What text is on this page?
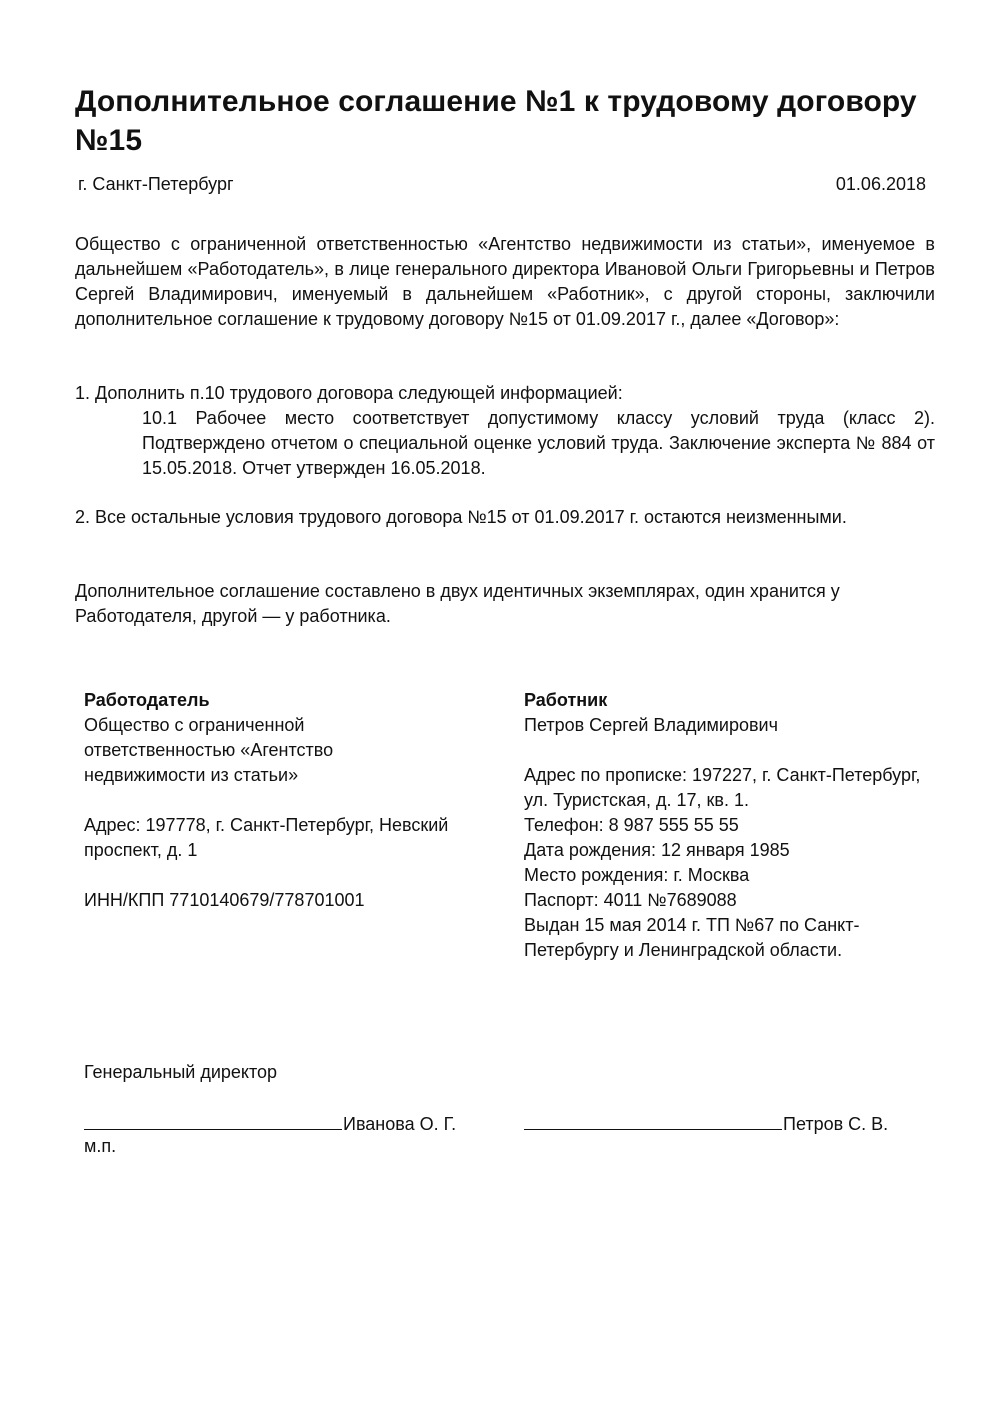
Дополнительное соглашение №1 к трудовому договору №15
г. Санкт-Петербург	01.06.2018

Общество с ограниченной ответственностью «Агентство недвижимости из статьи», именуемое в дальнейшем «Работодатель», в лице генерального директора Ивановой Ольги Григорьевны и Петров Сергей Владимирович, именуемый в дальнейшем «Работник», с другой стороны, заключили дополнительное соглашение к трудовому договору №15 от 01.09.2017 г., далее «Договор»:

1. Дополнить п.10 трудового договора следующей информацией:

10.1 Рабочее место соответствует допустимому классу условий труда (класс 2). Подтверждено отчетом о специальной оценке условий труда. Заключение эксперта № 884 от 15.05.2018. Отчет утвержден 16.05.2018.

2. Все остальные условия трудового договора №15 от 01.09.2017 г. остаются неизменными.

Дополнительное соглашение составлено в двух идентичных экземплярах, один хранится у Работодателя, другой — у работника.

Работодатель
Общество с ограниченной ответственностью «Агентство недвижимости из статьи»
Адрес: 197778, г. Санкт-Петербург, Невский проспект, д. 1
ИНН/КПП 7710140679/778701001
Работник
Петров Сергей Владимирович
Адрес по прописке: 197227, г. Санкт-Петербург, ул. Туристская, д. 17, кв. 1.
Телефон: 8 987 555 55 55
Дата рождения: 12 января 1985
Место рождения: г. Москва
Паспорт: 4011 №7689088
Выдан 15 мая 2014 г. ТП №67 по Санкт-Петербургу и Ленинградской области.
Генеральный директор
Иванова О. Г.	Петров С. В.
м.п.
